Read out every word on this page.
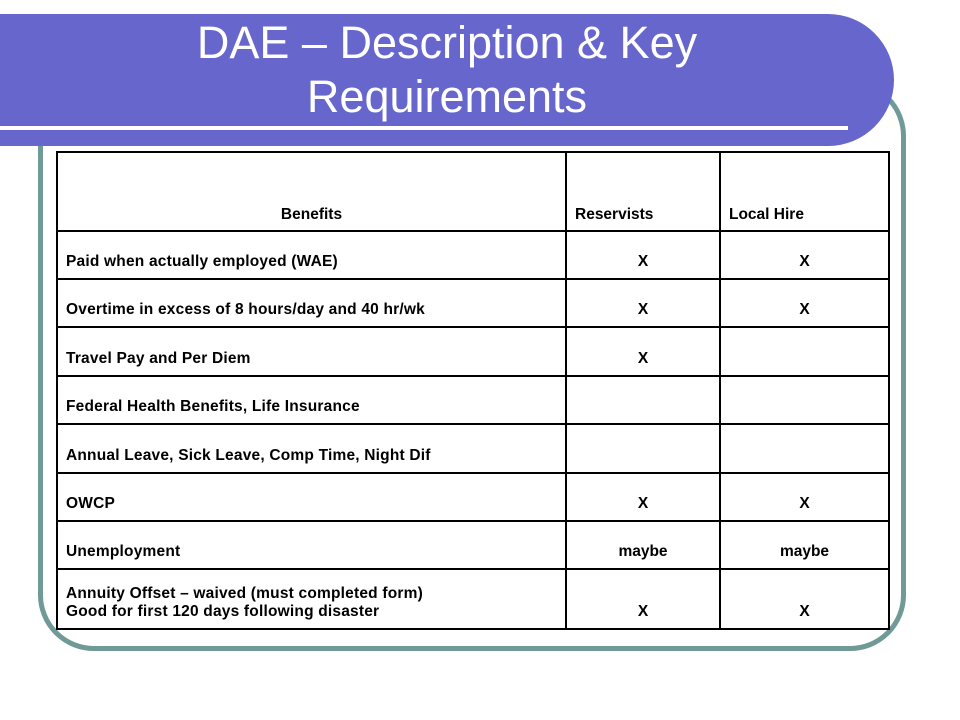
DAE – Description & Key
Requirements
Benefits	Reservists	Local Hire
Paid when actually employed (WAE)	X	X
Overtime in excess of 8 hours/day and 40 hr/wk	X	X
Travel Pay and Per Diem	X	
Federal Health Benefits, Life Insurance		
Annual Leave, Sick Leave, Comp Time, Night Dif		
OWCP	X	X
Unemployment	maybe	maybe

Annuity Offset – waived (must completed form)
Good for first 120 days following disaster	X	X
